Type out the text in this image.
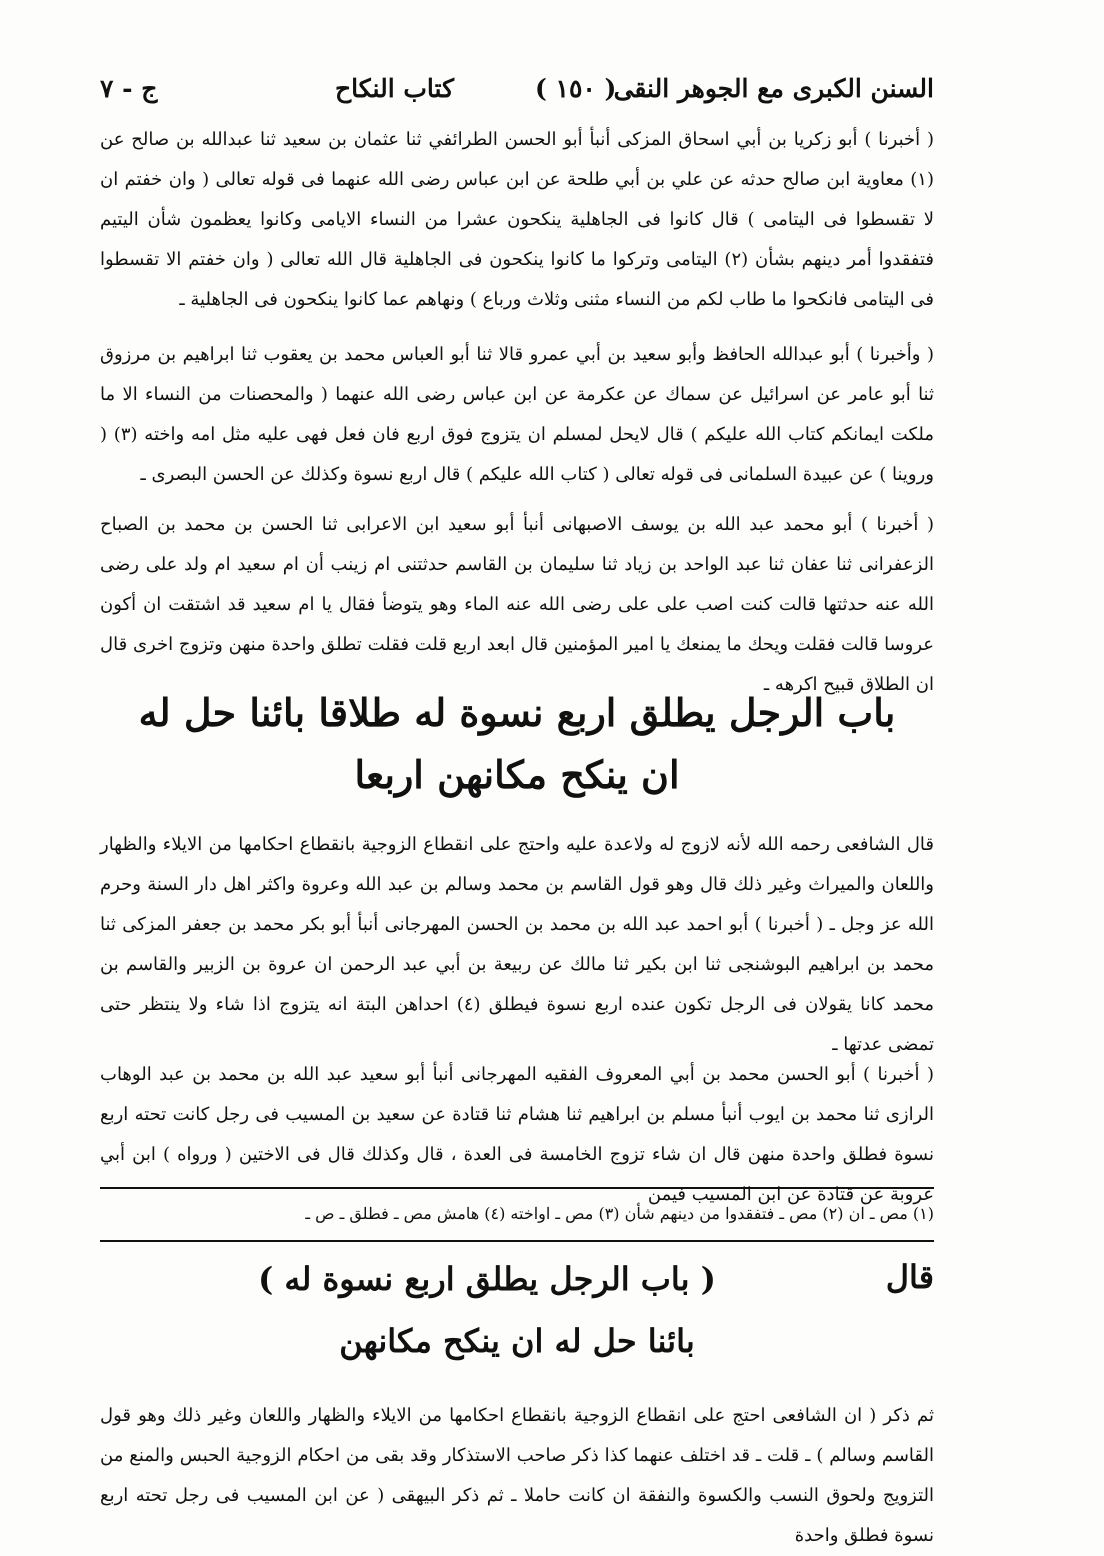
السنن الكبرى مع الجوهر النقى
( ١٥٠ )
كتاب النكاح
ج - ٧

( أخبرنا ) أبو زكريا بن أبي اسحاق المزكى أنبأ أبو الحسن الطرائفي ثنا عثمان بن سعيد ثنا عبدالله بن صالح عن (١) معاوية ابن صالح حدثه عن علي بن أبي طلحة عن ابن عباس رضى الله عنهما فى قوله تعالى ( وان خفتم ان لا تقسطوا فى اليتامى ) قال كانوا فى الجاهلية ينكحون عشرا من النساء الايامى وكانوا يعظمون شأن اليتيم فتفقدوا أمر دينهم بشأن (٢) اليتامى وتركوا ما كانوا ينكحون فى الجاهلية قال الله تعالى ( وان خفتم الا تقسطوا فى اليتامى فانكحوا ما طاب لكم من النساء مثنى وثلاث ورباع ) ونهاهم عما كانوا ينكحون فى الجاهلية ـ

( وأخبرنا ) أبو عبدالله الحافظ وأبو سعيد بن أبي عمرو قالا ثنا أبو العباس محمد بن يعقوب ثنا ابراهيم بن مرزوق ثنا أبو عامر عن اسرائيل عن سماك عن عكرمة عن ابن عباس رضى الله عنهما ( والمحصنات من النساء الا ما ملكت ايمانكم كتاب الله عليكم ) قال لايحل لمسلم ان يتزوج فوق اربع فان فعل فهى عليه مثل امه واخته (٣) ( وروينا ) عن عبيدة السلمانى فى قوله تعالى ( كتاب الله عليكم ) قال اربع نسوة وكذلك عن الحسن البصرى ـ

( أخبرنا ) أبو محمد عبد الله بن يوسف الاصبهانى أنبأ أبو سعيد ابن الاعرابى ثنا الحسن بن محمد بن الصباح الزعفرانى ثنا عفان ثنا عبد الواحد بن زياد ثنا سليمان بن القاسم حدثتنى ام زينب أن ام سعيد ام ولد على رضى الله عنه حدثتها قالت كنت اصب على على رضى الله عنه الماء وهو يتوضأ فقال يا ام سعيد قد اشتقت ان أكون عروسا قالت فقلت ويحك ما يمنعك يا امير المؤمنين قال ابعد اربع قلت فقلت تطلق واحدة منهن وتزوج اخرى قال ان الطلاق قبيح اكرهه ـ

باب الرجل يطلق اربع نسوة له طلاقا بائنا حل له
ان ينكح مكانهن اربعا

قال الشافعى رحمه الله لأنه لازوج له ولاعدة عليه واحتج على انقطاع الزوجية بانقطاع احكامها من الايلاء والظهار واللعان والميراث وغير ذلك قال وهو قول القاسم بن محمد وسالم بن عبد الله وعروة واكثر اهل دار السنة وحرم الله عز وجل ـ ( أخبرنا ) أبو احمد عبد الله بن محمد بن الحسن المهرجانى أنبأ أبو بكر محمد بن جعفر المزكى ثنا محمد بن ابراهيم البوشنجى ثنا ابن بكير ثنا مالك عن ربيعة بن أبي عبد الرحمن ان عروة بن الزبير والقاسم بن محمد كانا يقولان فى الرجل تكون عنده اربع نسوة فيطلق (٤) احداهن البتة انه يتزوج اذا شاء ولا ينتظر حتى تمضى عدتها ـ

( أخبرنا ) أبو الحسن محمد بن أبي المعروف الفقيه المهرجانى أنبأ أبو سعيد عبد الله بن محمد بن عبد الوهاب الرازى ثنا محمد بن ايوب أنبأ مسلم بن ابراهيم ثنا هشام ثنا قتادة عن سعيد بن المسيب فى رجل كانت تحته اربع نسوة فطلق واحدة منهن قال ان شاء تزوج الخامسة فى العدة ، قال وكذلك قال فى الاختين ( ورواه ) ابن أبي عروبة عن قتادة عن ابن المسيب فيمن

(١) مص ـ ان (٢) مص ـ فتفقدوا من دينهم شأن (٣) مص ـ اواخته (٤) هامش مص ـ فطلق ـ ص ـ

قال
( باب الرجل يطلق اربع نسوة له )
بائنا حل له ان ينكح مكانهن

ثم ذكر ( ان الشافعى احتج على انقطاع الزوجية بانقطاع احكامها من الايلاء والظهار واللعان وغير ذلك وهو قول القاسم وسالم ) ـ قلت ـ قد اختلف عنهما كذا ذكر صاحب الاستذكار وقد بقى من احكام الزوجية الحبس والمنع من التزويج ولحوق النسب والكسوة والنفقة ان كانت حاملا ـ ثم ذكر البيهقى ( عن ابن المسيب فى رجل تحته اربع نسوة فطلق واحدة
